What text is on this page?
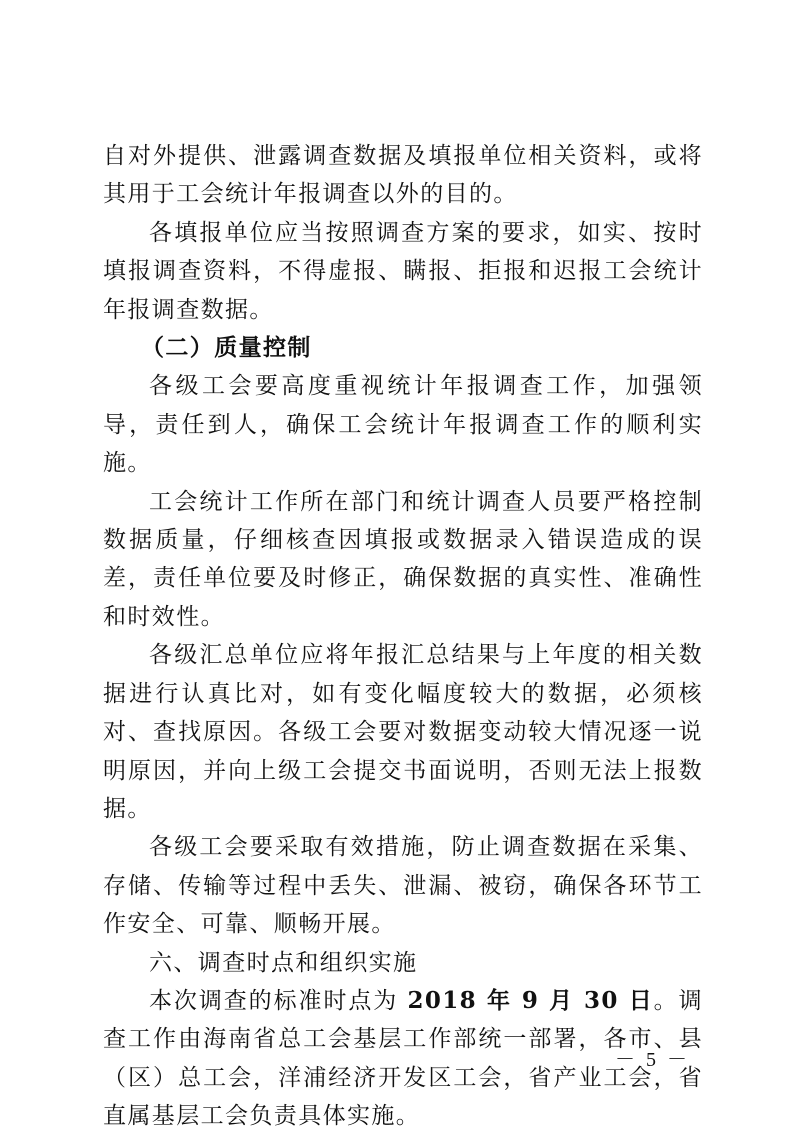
自对外提供、泄露调查数据及填报单位相关资料，或将其用于工会统计年报调查以外的目的。

各填报单位应当按照调查方案的要求，如实、按时填报调查资料，不得虚报、瞒报、拒报和迟报工会统计年报调查数据。

（二）质量控制

各级工会要高度重视统计年报调查工作，加强领导，责任到人，确保工会统计年报调查工作的顺利实施。

工会统计工作所在部门和统计调查人员要严格控制数据质量，仔细核查因填报或数据录入错误造成的误差，责任单位要及时修正，确保数据的真实性、准确性和时效性。

各级汇总单位应将年报汇总结果与上年度的相关数据进行认真比对，如有变化幅度较大的数据，必须核对、查找原因。各级工会要对数据变动较大情况逐一说明原因，并向上级工会提交书面说明，否则无法上报数据。

各级工会要采取有效措施，防止调查数据在采集、存储、传输等过程中丢失、泄漏、被窃，确保各环节工作安全、可靠、顺畅开展。

六、调查时点和组织实施

本次调查的标准时点为 2018 年 9 月 30 日。调查工作由海南省总工会基层工作部统一部署，各市、县（区）总工会，洋浦经济开发区工会，省产业工会，省直属基层工会负责具体实施。

－ 5 －
